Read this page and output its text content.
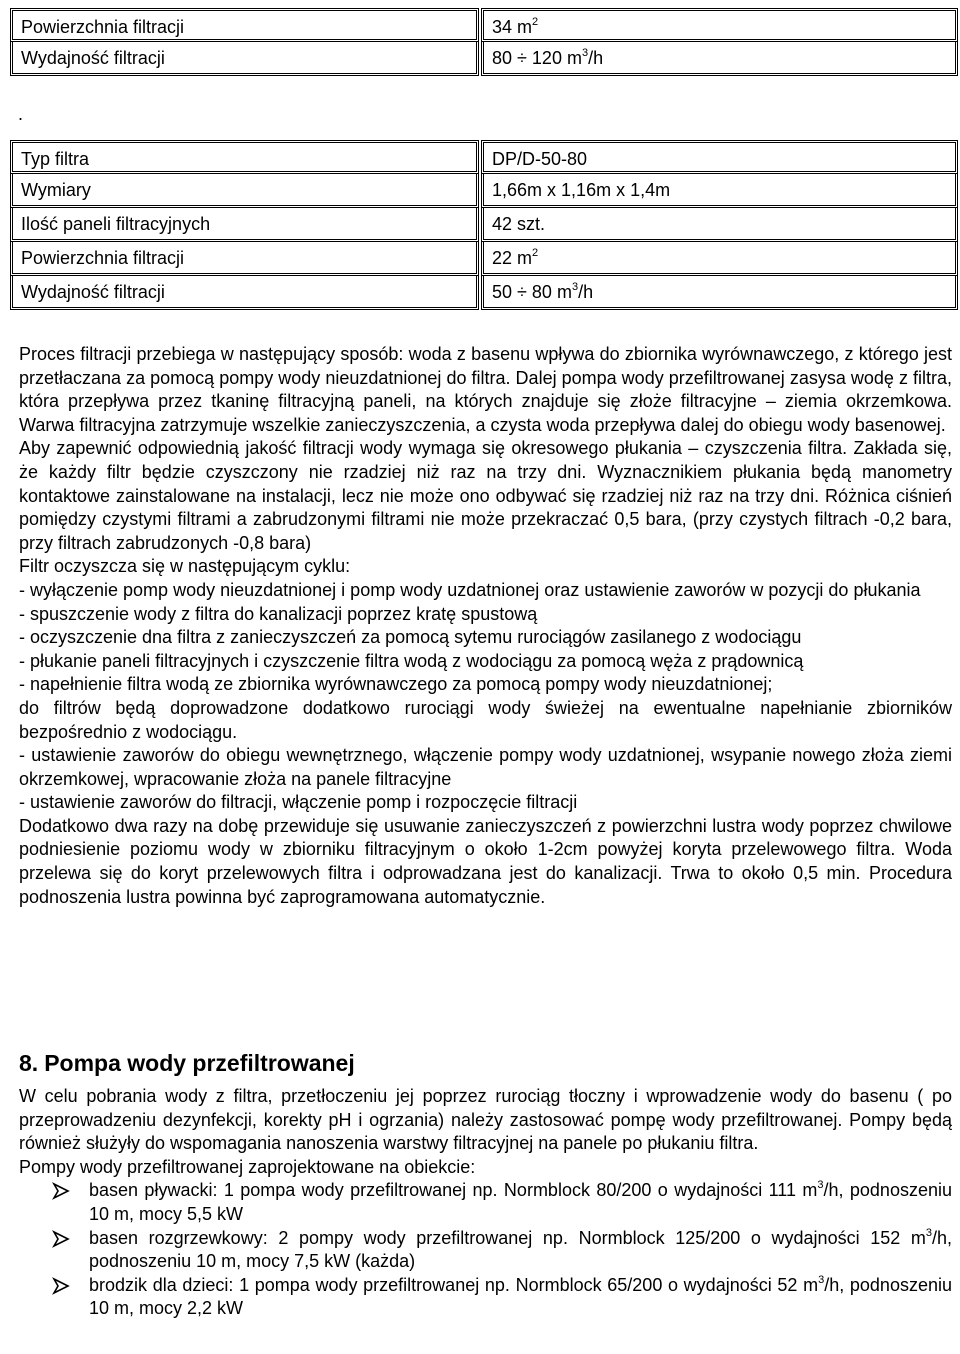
Powierzchnia filtracji	34 $m^2$
Wydajność filtracji	80 ÷ 120 $m^3/h$
.
Typ filtra	DP/D-50-80
Wymiary	1,66m x 1,16m x 1,4m
Ilość paneli filtracyjnych	42 szt.
Powierzchnia filtracji	22 $m^2$
Wydajność filtracji	50 ÷ 80 $m^3/h$

Proces filtracji przebiega w następujący sposób: woda z basenu wpływa do zbiornika wyrównawczego, z którego jest przetłaczana za pomocą pompy wody nieuzdatnionej do filtra. Dalej pompa wody przefiltrowanej zasysa wodę z filtra, która przepływa przez tkaninę filtracyjną paneli, na których znajduje się złoże filtracyjne – ziemia okrzemkowa. Warwa filtracyjna zatrzymuje wszelkie zanieczyszczenia, a czysta woda przepływa dalej do obiegu wody basenowej.

Aby zapewnić odpowiednią jakość filtracji wody wymaga się okresowego płukania – czyszczenia filtra. Zakłada się, że każdy filtr będzie czyszczony nie rzadziej niż raz na trzy dni. Wyznacznikiem płukania będą manometry kontaktowe zainstalowane na instalacji, lecz nie może ono odbywać się rzadziej niż raz na trzy dni. Różnica ciśnień pomiędzy czystymi filtrami a zabrudzonymi filtrami nie może przekraczać 0,5 bara, (przy czystych filtrach -0,2 bara, przy filtrach zabrudzonych -0,8 bara)

Filtr oczyszcza się w następującym cyklu:

- wyłączenie pomp wody nieuzdatnionej i pomp wody uzdatnionej oraz ustawienie zaworów w pozycji do płukania

- spuszczenie wody z filtra do kanalizacji poprzez kratę spustową

- oczyszczenie dna filtra z zanieczyszczeń za pomocą sytemu rurociągów zasilanego z wodociągu

- płukanie paneli filtracyjnych i czyszczenie filtra wodą z wodociągu za pomocą węża z prądownicą

- napełnienie filtra wodą ze zbiornika wyrównawczego za pomocą pompy wody nieuzdatnionej;

do filtrów będą doprowadzone dodatkowo rurociągi wody świeżej na ewentualne napełnianie zbiorników bezpośrednio z wodociągu.

- ustawienie zaworów do obiegu wewnętrznego, włączenie pompy wody uzdatnionej, wsypanie nowego złoża ziemi okrzemkowej, wpracowanie złoża na panele filtracyjne

- ustawienie zaworów do filtracji, włączenie pomp i rozpoczęcie filtracji

Dodatkowo dwa razy na dobę przewiduje się usuwanie zanieczyszczeń z powierzchni lustra wody poprzez chwilowe podniesienie poziomu wody w zbiorniku filtracyjnym o około 1-2cm powyżej koryta przelewowego filtra. Woda przelewa się do koryt przelewowych filtra i odprowadzana jest do kanalizacji. Trwa to około 0,5 min. Procedura podnoszenia lustra powinna być zaprogramowana automatycznie.

8. Pompa wody przefiltrowanej

W celu pobrania wody z filtra, przetłoczeniu jej poprzez rurociąg tłoczny i wprowadzenie wody do basenu ( po przeprowadzeniu dezynfekcji, korekty pH i ogrzania) należy zastosować pompę wody przefiltrowanej. Pompy będą również służyły do wspomagania nanoszenia warstwy filtracyjnej na panele po płukaniu filtra.

Pompy wody przefiltrowanej zaprojektowane na obiekcie:

basen pływacki: 1 pompa wody przefiltrowanej np. Normblock 80/200 o wydajności 111 $m^3/h$, podnoszeniu 10 m, mocy 5,5 kW
basen rozgrzewkowy: 2 pompy wody przefiltrowanej np. Normblock 125/200 o wydajności 152 $m^3/h$, podnoszeniu 10 m, mocy 7,5 kW (każda)
brodzik dla dzieci: 1 pompa wody przefiltrowanej np. Normblock 65/200 o wydajności 52 $m^3/h$, podnoszeniu 10 m, mocy 2,2 kW
